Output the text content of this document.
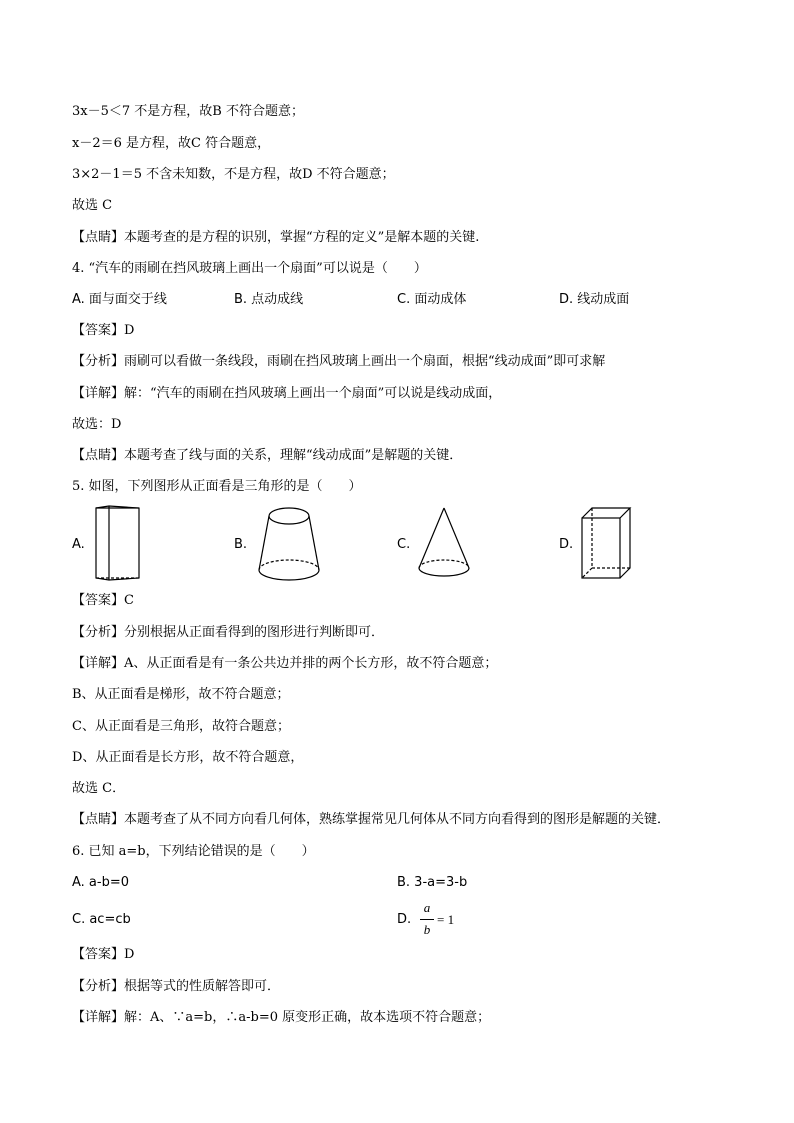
3x－5＜7 不是方程，故B 不符合题意；
x－2＝6 是方程，故C 符合题意，
3×2－1＝5 不含未知数，不是方程，故D 不符合题意；
故选 C
【点睛】本题考查的是方程的识别，掌握“方程的定义”是解本题的关键.
4. “汽车的雨刷在挡风玻璃上画出一个扇面”可以说是（　　）
A. 面与面交于线	B. 点动成线	C. 面动成体	D. 线动成面
【答案】D
【分析】雨刷可以看做一条线段，雨刷在挡风玻璃上画出一个扇面，根据“线动成面”即可求解
【详解】解：“汽车的雨刷在挡风玻璃上画出一个扇面”可以说是线动成面，
故选：D
【点睛】本题考查了线与面的关系，理解“线动成面”是解题的关键．
5. 如图，下列图形从正面看是三角形的是（　　）
A.	B.	C.	D.
【答案】C
【分析】分别根据从正面看得到的图形进行判断即可．
【详解】A、从正面看是有一条公共边并排的两个长方形，故不符合题意；
B、从正面看是梯形，故不符合题意；
C、从正面看是三角形，故符合题意；
D、从正面看是长方形，故不符合题意，
故选 C．
【点睛】本题考查了从不同方向看几何体，熟练掌握常见几何体从不同方向看得到的图形是解题的关键．
6. 已知 a=b，下列结论错误的是（　　）
A. a-b=0	B. 3-a=3-b
C. ac=cb	D.
a
b
= 1
【答案】D
【分析】根据等式的性质解答即可．
【详解】解：A、∵a=b，∴a-b=0 原变形正确，故本选项不符合题意；
